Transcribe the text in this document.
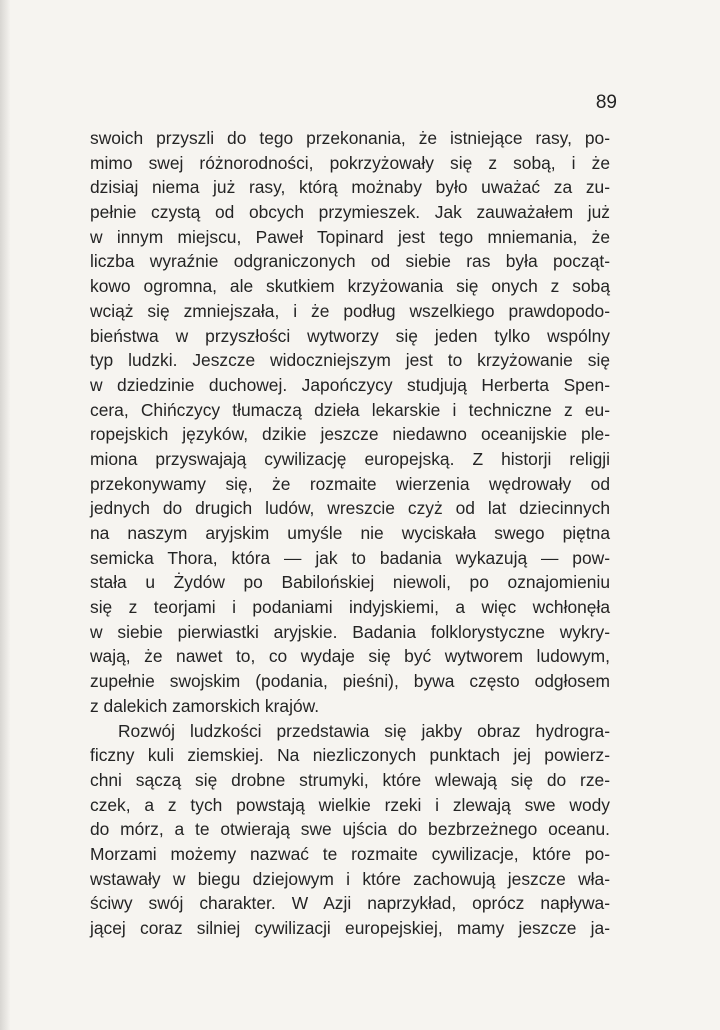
89
swoich przyszli do tego przekonania, że istniejące rasy, po-
mimo swej różnorodności, pokrzyżowały się z sobą, i że
dzisiaj niema już rasy, którą możnaby było uważać za zu-
pełnie czystą od obcych przymieszek. Jak zauważałem już
w innym miejscu, Paweł Topinard jest tego mniemania, że
liczba wyraźnie odgraniczonych od siebie ras była począt-
kowo ogromna, ale skutkiem krzyżowania się onych z sobą
wciąż się zmniejszała, i że podług wszelkiego prawdopodo-
bieństwa w przyszłości wytworzy się jeden tylko wspólny
typ ludzki. Jeszcze widoczniejszym jest to krzyżowanie się
w dziedzinie duchowej. Japończycy studjują Herberta Spen-
cera, Chińczycy tłumaczą dzieła lekarskie i techniczne z eu-
ropejskich języków, dzikie jeszcze niedawno oceanijskie ple-
miona przyswajają cywilizację europejską. Z historji religji
przekonywamy się, że rozmaite wierzenia wędrowały od
jednych do drugich ludów, wreszcie czyż od lat dziecinnych
na naszym aryjskim umyśle nie wyciskała swego piętna
semicka Thora, która — jak to badania wykazują — pow-
stała u Żydów po Babilońskiej niewoli, po oznajomieniu
się z teorjami i podaniami indyjskiemi, a więc wchłonęła
w siebie pierwiastki aryjskie. Badania folklorystyczne wykry-
wają, że nawet to, co wydaje się być wytworem ludowym,
zupełnie swojskim (podania, pieśni), bywa często odgłosem
z dalekich zamorskich krajów.
Rozwój ludzkości przedstawia się jakby obraz hydrogra-
ficzny kuli ziemskiej. Na niezliczonych punktach jej powierz-
chni sączą się drobne strumyki, które wlewają się do rze-
czek, a z tych powstają wielkie rzeki i zlewają swe wody
do mórz, a te otwierają swe ujścia do bezbrzeżnego oceanu.
Morzami możemy nazwać te rozmaite cywilizacje, które po-
wstawały w biegu dziejowym i które zachowują jeszcze wła-
ściwy swój charakter. W Azji naprzykład, oprócz napływa-
jącej coraz silniej cywilizacji europejskiej, mamy jeszcze ja-
